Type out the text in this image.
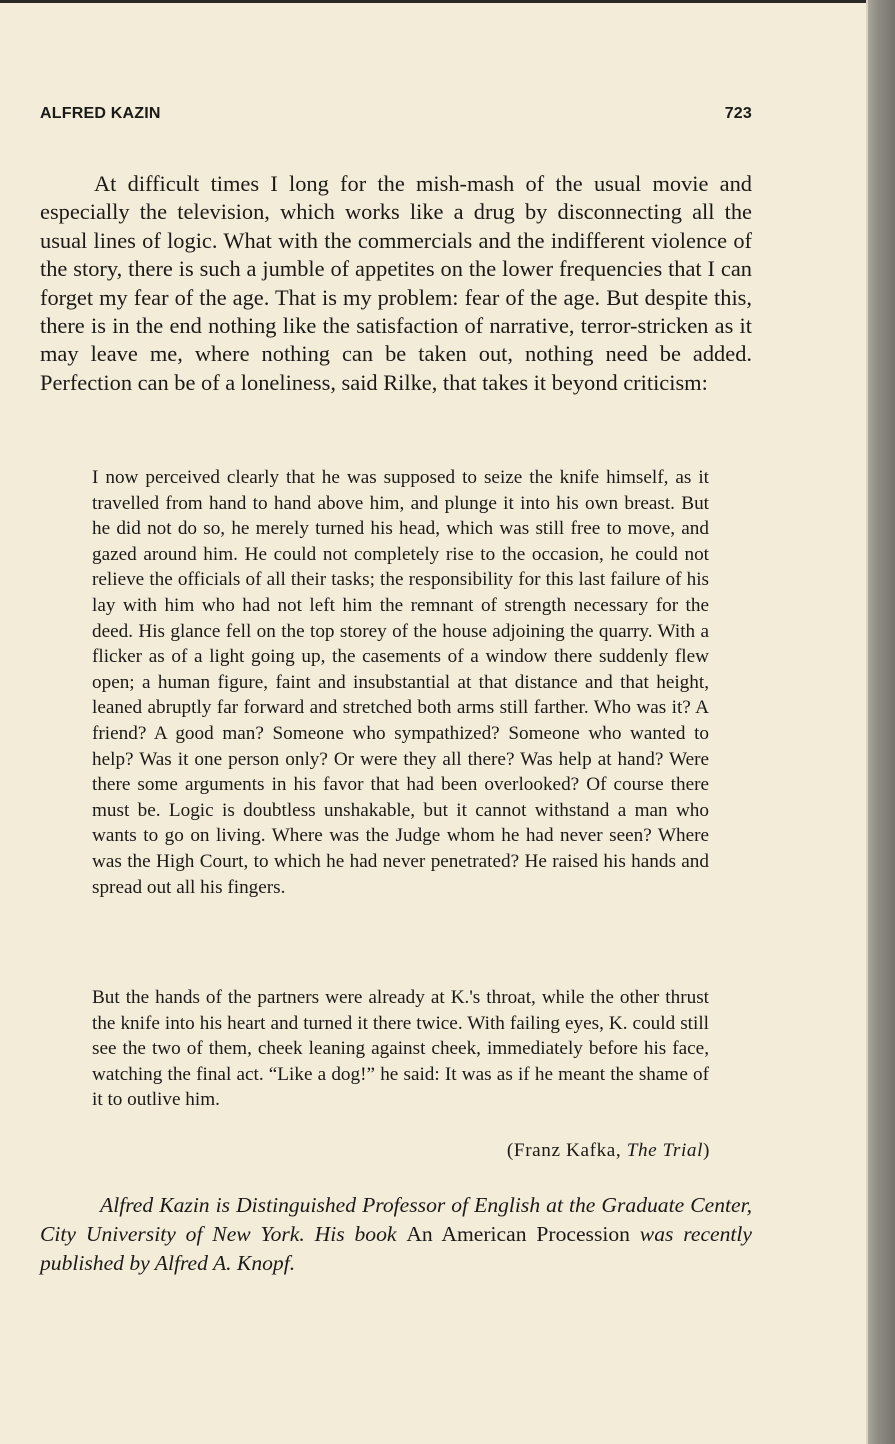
ALFRED KAZIN	723

At difficult times I long for the mish-mash of the usual movie and especially the television, which works like a drug by disconnecting all the usual lines of logic. What with the commercials and the indifferent violence of the story, there is such a jumble of appetites on the lower frequencies that I can forget my fear of the age. That is my problem: fear of the age. But despite this, there is in the end nothing like the satisfaction of narrative, terror-stricken as it may leave me, where nothing can be taken out, nothing need be added. Perfection can be of a loneliness, said Rilke, that takes it beyond criticism:

I now perceived clearly that he was supposed to seize the knife himself, as it travelled from hand to hand above him, and plunge it into his own breast. But he did not do so, he merely turned his head, which was still free to move, and gazed around him. He could not completely rise to the occasion, he could not relieve the officials of all their tasks; the responsibility for this last failure of his lay with him who had not left him the remnant of strength necessary for the deed. His glance fell on the top storey of the house adjoining the quarry. With a flicker as of a light going up, the casements of a window there suddenly flew open; a human figure, faint and insubstantial at that distance and that height, leaned abruptly far forward and stretched both arms still farther. Who was it? A friend? A good man? Someone who sympathized? Someone who wanted to help? Was it one person only? Or were they all there? Was help at hand? Were there some arguments in his favor that had been overlooked? Of course there must be. Logic is doubtless unshakable, but it cannot withstand a man who wants to go on living. Where was the Judge whom he had never seen? Where was the High Court, to which he had never penetrated? He raised his hands and spread out all his fingers.

But the hands of the partners were already at K.'s throat, while the other thrust the knife into his heart and turned it there twice. With failing eyes, K. could still see the two of them, cheek leaning against cheek, immediately before his face, watching the final act. “Like a dog!” he said: It was as if he meant the shame of it to outlive him.

(Franz Kafka, The Trial)

Alfred Kazin is Distinguished Professor of English at the Graduate Center, City University of New York. His book An American Procession was recently published by Alfred A. Knopf.
